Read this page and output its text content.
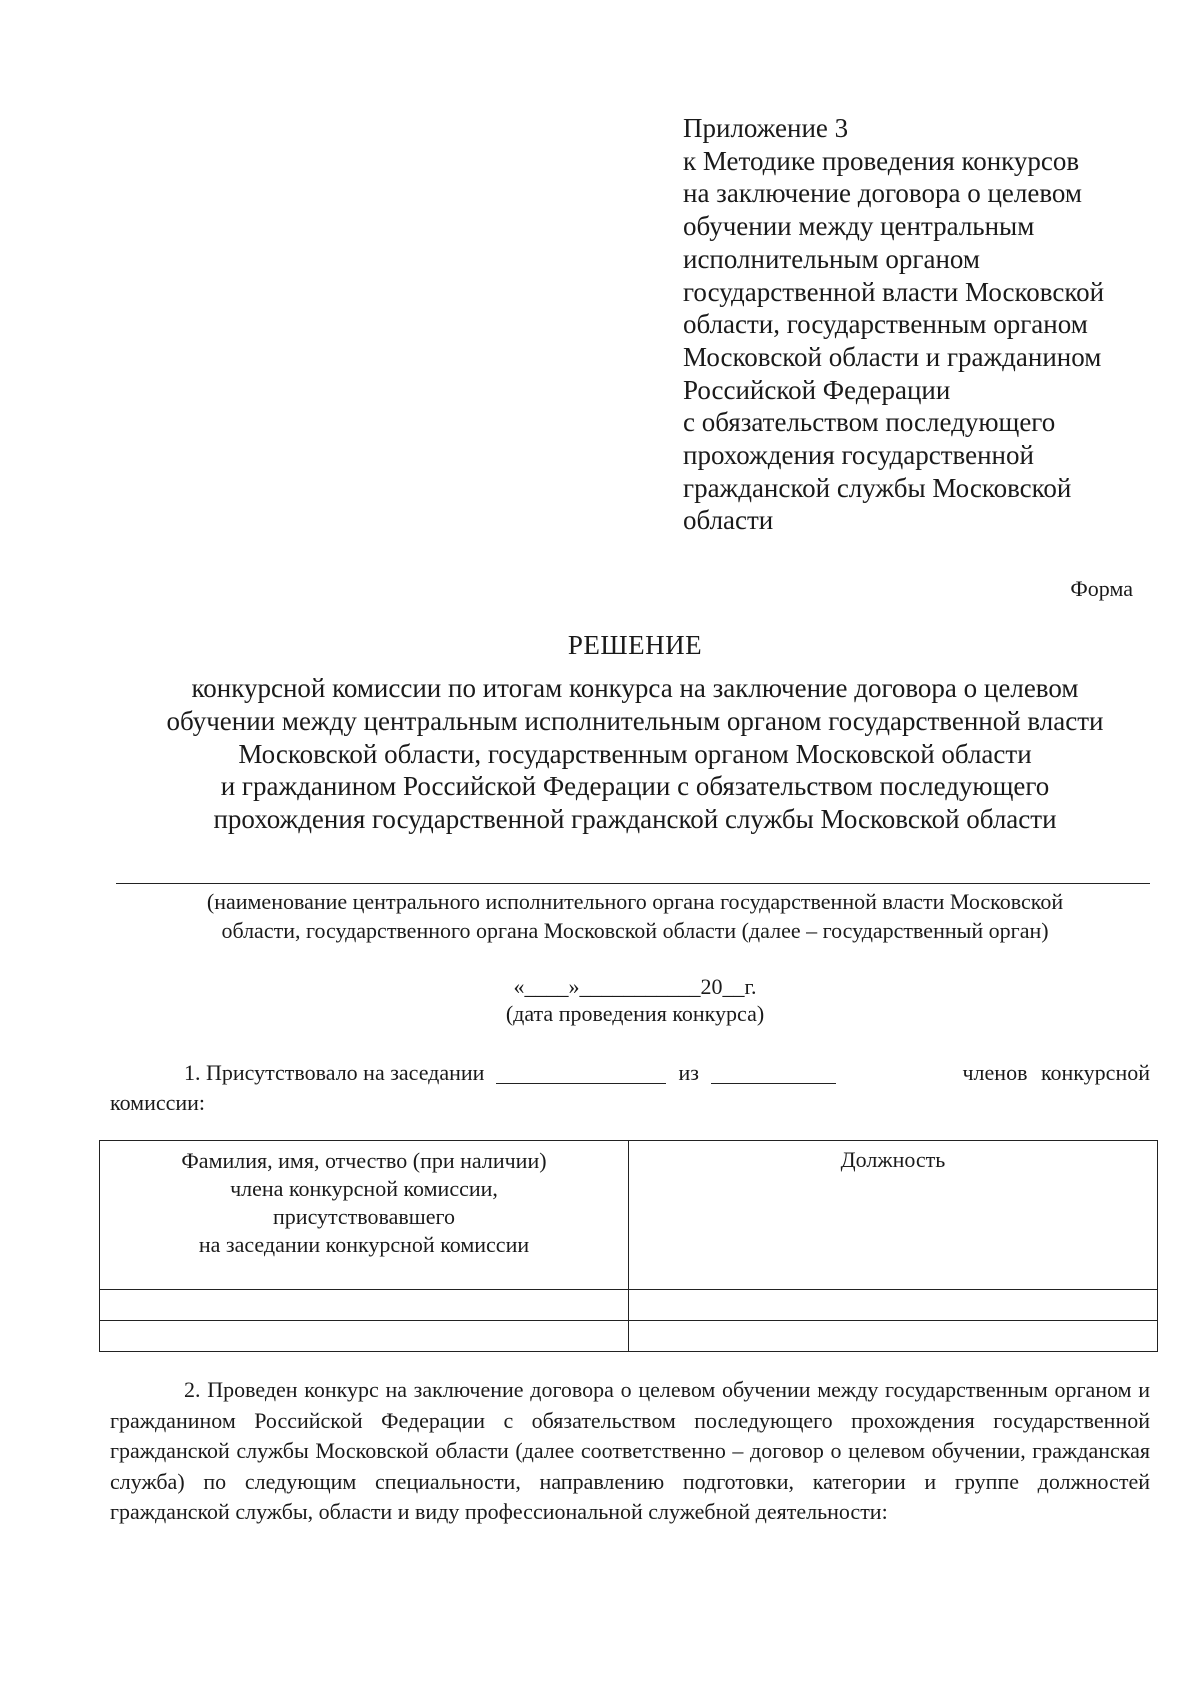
Приложение 3
к Методике проведения конкурсов
на заключение договора о целевом
обучении между центральным
исполнительным органом
государственной власти Московской
области, государственным органом
Московской области и гражданином
Российской Федерации
с обязательством последующего
прохождения государственной
гражданской службы Московской
области
Форма
РЕШЕНИЕ
конкурсной комиссии по итогам конкурса на заключение договора о целевом
обучении между центральным исполнительным органом государственной власти
Московской области, государственным органом Московской области
и гражданином Российской Федерации с обязательством последующего
прохождения государственной гражданской службы Московской области
(наименование центрального исполнительного органа государственной власти Московской
области, государственного органа Московской области (далее – государственный орган)
«____»___________20__г.
(дата проведения конкурса)
1. Присутствовало на заседании	из	членов конкурсной
комиссии:
Фамилия, имя, отчество (при наличии)
члена конкурсной комиссии,
присутствовавшего
на заседании конкурсной комиссии	Должность

2. Проведен конкурс на заключение договора о целевом обучении между государственным органом и гражданином Российской Федерации с обязательством последующего прохождения государственной гражданской службы Московской области (далее соответственно – договор о целевом обучении, гражданская служба) по следующим специальности, направлению подготовки, категории и группе должностей гражданской службы, области и виду профессиональной служебной деятельности:
